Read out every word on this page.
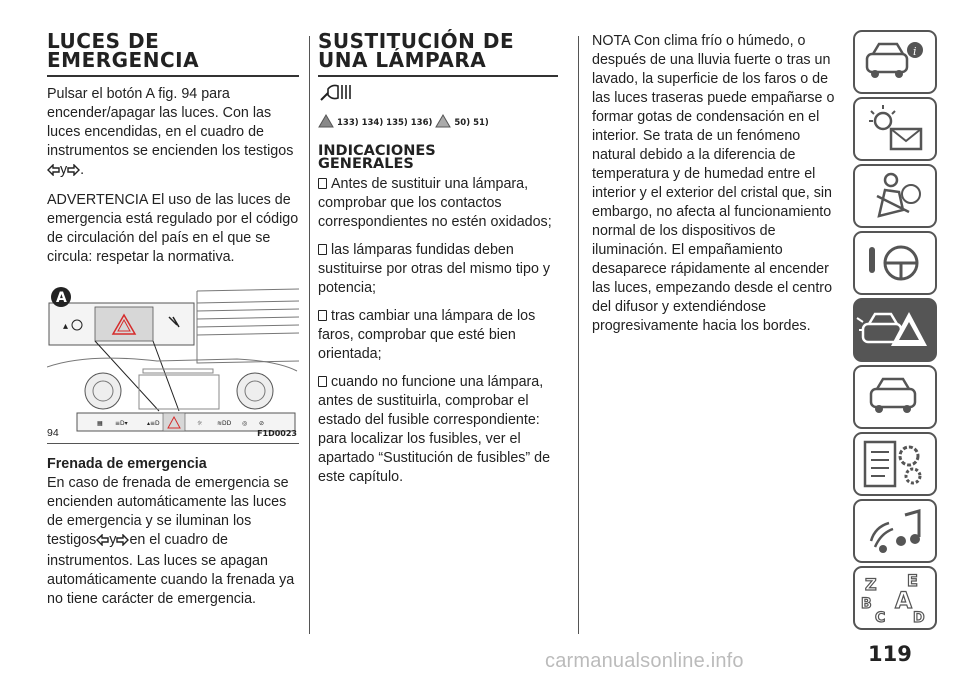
LUCES DE
EMERGENCIA

Pulsar el botón A fig. 94 para encender/apagar las luces. Con las luces encendidas, en el cuadro de instrumentos se encienden los testigos
y .

ADVERTENCIA El uso de las luces de emergencia está regulado por el código de circulación del país en el que se circula: respetar la normativa.

▴
A
▦ ≡D▾	▴≡D	☼ ≋DD ◎ ⊘
94	F1D0023

Frenada de emergencia

En caso de frenada de emergencia se encienden automáticamente las luces de emergencia y se iluminan los testigos y en el cuadro de instrumentos. Las luces se apagan automáticamente cuando la frenada ya no tiene carácter de emergencia.

SUSTITUCIÓN DE
UNA LÁMPARA
133) 134) 135) 136)	50) 51)
INDICACIONES
GENERALES

Antes de sustituir una lámpara, comprobar que los contactos correspondientes no estén oxidados;

las lámparas fundidas deben sustituirse por otras del mismo tipo y potencia;

tras cambiar una lámpara de los faros, comprobar que esté bien orientada;

cuando no funcione una lámpara, antes de sustituirla, comprobar el estado del fusible correspondiente: para localizar los fusibles, ver el apartado “Sustitución de fusibles” de este capítulo.

NOTA Con clima frío o húmedo, o después de una lluvia fuerte o tras un lavado, la superficie de los faros o de las luces traseras puede empañarse o formar gotas de condensación en el interior. Se trata de un fenómeno natural debido a la diferencia de temperatura y de humedad entre el interior y el exterior del cristal que, sin embargo, no afecta al funcionamiento normal de los dispositivos de iluminación. El empañamiento desaparece rápidamente al encender las luces, empezando desde el centro del difusor y extendiéndose progresivamente hacia los bordes.

i
Z E
B A
C D
119
carmanualsonline.info
